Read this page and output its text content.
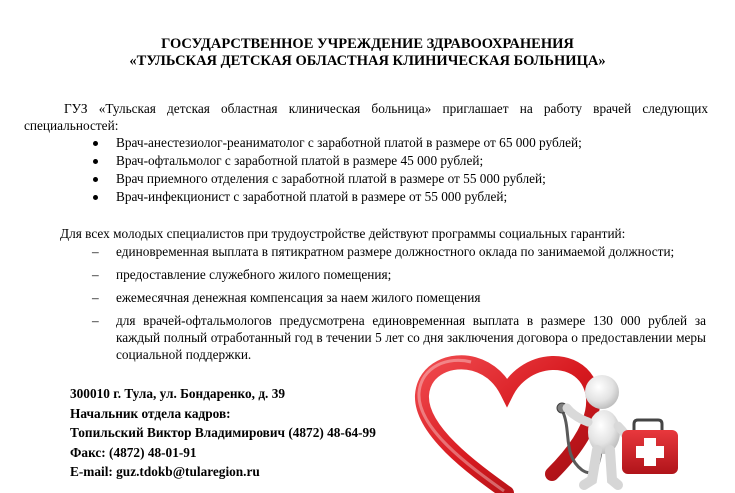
ГОСУДАРСТВЕННОЕ УЧРЕЖДЕНИЕ ЗДРАВООХРАНЕНИЯ
«ТУЛЬСКАЯ ДЕТСКАЯ ОБЛАСТНАЯ КЛИНИЧЕСКАЯ БОЛЬНИЦА»
ГУЗ «Тульская детская областная клиническая больница» приглашает на работу врачей следующих специальностей:
Врач-анестезиолог-реаниматолог с заработной платой в размере от 65 000 рублей;
Врач-офтальмолог с заработной платой в размере 45 000 рублей;
Врач приемного отделения с заработной платой в размере от 55 000 рублей;
Врач-инфекционист с заработной платой в размере от 55 000 рублей;
Для всех молодых специалистов при трудоустройстве действуют программы социальных гарантий:
– единовременная выплата в пятикратном размере должностного оклада по занимаемой должности;
– предоставление служебного жилого помещения;
– ежемесячная денежная компенсация за наем жилого помещения
– для врачей-офтальмологов предусмотрена единовременная выплата в размере 130 000 рублей за каждый полный отработанный год в течении 5 лет со дня заключения договора о предоставлении меры социальной поддержки.
300010 г. Тула, ул. Бондаренко, д. 39
Начальник отдела кадров:
Топильский Виктор Владимирович (4872) 48-64-99
Факс: (4872) 48-01-91
E-mail: guz.tdokb@tularegion.ru
